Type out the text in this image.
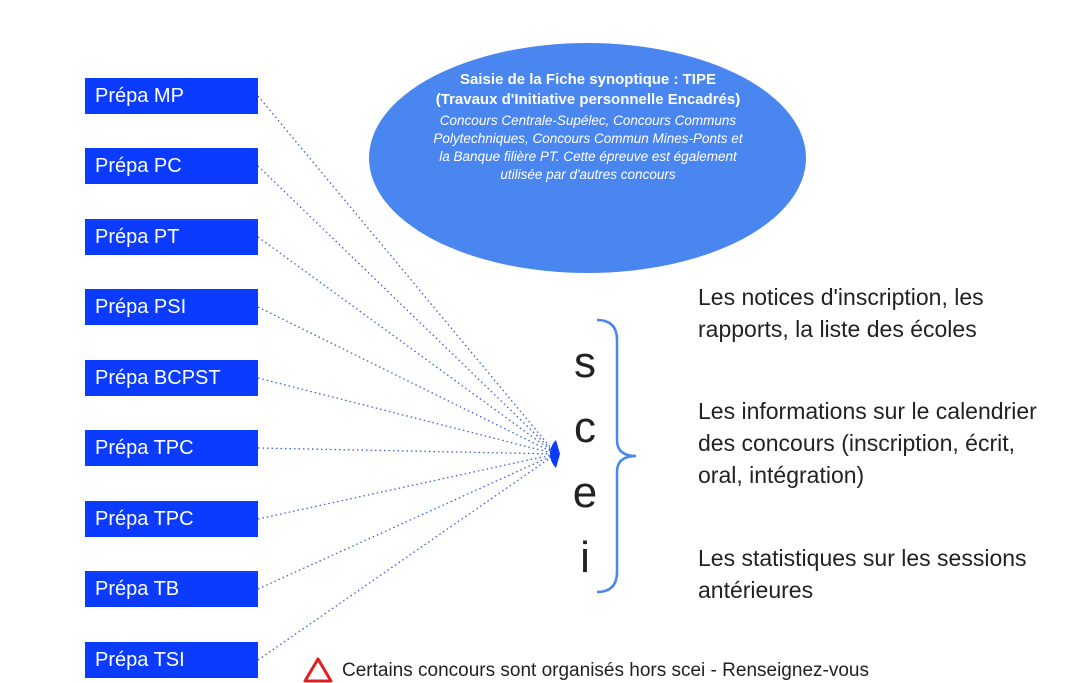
Prépa MP
Prépa PC
Prépa PT
Prépa PSI
Prépa BCPST
Prépa TPC
Prépa TPC
Prépa TB
Prépa TSI
Saisie de la Fiche synoptique : TIPE (Travaux d'Initiative personnelle Encadrés)
Concours Centrale-Supélec, Concours Communs Polytechniques, Concours Commun Mines-Ponts et la Banque filière PT. Cette épreuve est également utilisée par d'autres concours
s
c
e
i
Les notices d'inscription, les rapports, la liste des écoles
Les informations sur le calendrier des concours (inscription, écrit, oral, intégration)
Les statistiques sur les sessions antérieures
Certains concours sont organisés hors scei - Renseignez-vous
